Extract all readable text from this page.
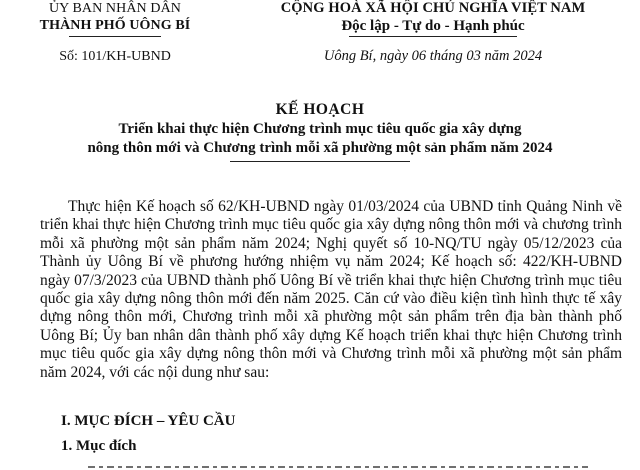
ỦY BAN NHÂN DÂN
THÀNH PHỐ UÔNG BÍ
Số: 101/KH-UBND
CỘNG HOÀ XÃ HỘI CHỦ NGHĨA VIỆT NAM
Độc lập - Tự do - Hạnh phúc
Uông Bí, ngày 06 tháng 03 năm 2024
KẾ HOẠCH
Triển khai thực hiện Chương trình mục tiêu quốc gia xây dựng
nông thôn mới và Chương trình mỗi xã phường một sản phẩm năm 2024

Thực hiện Kế hoạch số 62/KH-UBND ngày 01/03/2024 của UBND tỉnh Quảng Ninh về triển khai thực hiện Chương trình mục tiêu quốc gia xây dựng nông thôn mới và chương trình mỗi xã phường một sản phẩm năm 2024; Nghị quyết số 10-NQ/TU ngày 05/12/2023 của Thành ủy Uông Bí về phương hướng nhiệm vụ năm 2024; Kế hoạch số: 422/KH-UBND ngày 07/3/2023 của UBND thành phố Uông Bí về triển khai thực hiện Chương trình mục tiêu quốc gia xây dựng nông thôn mới đến năm 2025. Căn cứ vào điều kiện tình hình thực tế xây dựng nông thôn mới, Chương trình mỗi xã phường một sản phẩm trên địa bàn thành phố Uông Bí; Ủy ban nhân dân thành phố xây dựng Kế hoạch triển khai thực hiện Chương trình mục tiêu quốc gia xây dựng nông thôn mới và Chương trình mỗi xã phường một sản phẩm năm 2024, với các nội dung như sau:

I. MỤC ĐÍCH – YÊU CẦU

1. Mục đích
